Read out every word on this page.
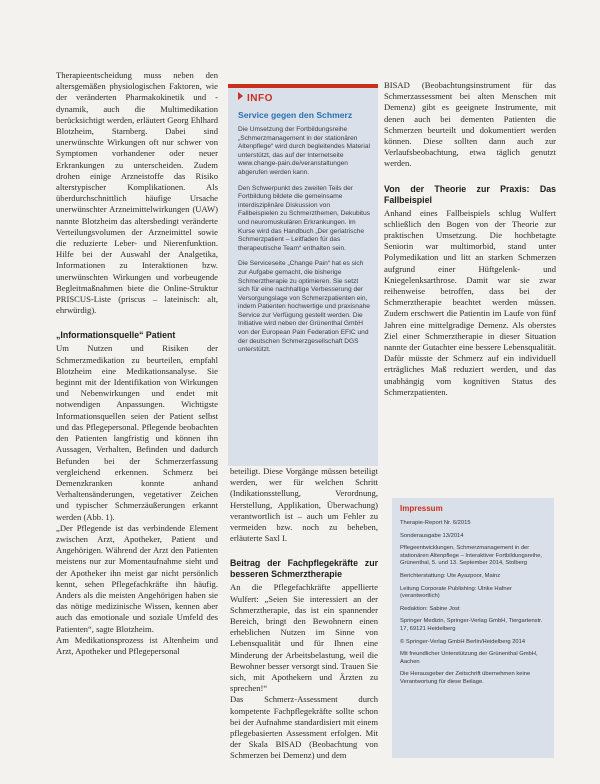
Therapieentscheidung muss neben den altersgemäßen physiologischen Faktoren, wie der veränderten Pharmakokinetik und -dynamik, auch die Multimedikation berücksichtigt werden, erläutert Georg Ehlhard Blotzheim, Starnberg. Dabei sind unerwünschte Wirkungen oft nur schwer von Symptomen vorhandener oder neuer Erkrankungen zu unterscheiden. Zudem drohen einige Arzneistoffe das Risiko alterstypischer Komplikationen. Als überdurchschnittlich häufige Ursache unerwünschter Arzneimittelwirkungen (UAW) nannte Blotzheim das altersbedingt veränderte Verteilungsvolumen der Arzneimittel sowie die reduzierte Leber- und Nierenfunktion. Hilfe bei der Auswahl der Analgetika, Informationen zu Interaktionen bzw. unerwünschten Wirkungen und vorbeugende Begleitmaßnahmen biete die Online-Struktur PRISCUS-Liste (priscus – lateinisch: alt, ehrwürdig).

„Informationsquelle“ Patient

Um Nutzen und Risiken der Schmerzmedikation zu beurteilen, empfahl Blotzheim eine Medikationsanalyse. Sie beginnt mit der Identifikation von Wirkungen und Nebenwirkungen und endet mit notwendigen Anpassungen. Wichtigste Informationsquellen seien der Patient selbst und das Pflegepersonal. Pflegende beobachten den Patienten langfristig und können ihn Aussagen, Verhalten, Befinden und dadurch Befunden bei der Schmerzerfassung vergleichend erkennen. Schmerz bei Demenzkranken konnte anhand Verhaltensänderungen, vegetativer Zeichen und typischer Schmerzäußerungen erkannt werden (Abb. 1).

„Der Pflegende ist das verbindende Element zwischen Arzt, Apotheker, Patient und Angehörigen. Während der Arzt den Patienten meistens nur zur Momentaufnahme sieht und der Apotheker ihn meist gar nicht persönlich kennt, sehen Pflegefachkräfte ihn häufig. Anders als die meisten Angehörigen haben sie das nötige medizinische Wissen, kennen aber auch das emotionale und soziale Umfeld des Patienten“, sagte Blotzheim.

Am Medikationsprozess ist Altenheim und Arzt, Apotheker und Pflegepersonal

INFO
Service gegen den Schmerz

Die Umsetzung der Fortbildungsreihe „Schmerzmanagement in der stationären Altenpflege“ wird durch begleitendes Material unterstützt, das auf der Internetseite www.change-pain.de/veranstaltungen abgerufen werden kann.

Den Schwerpunkt des zweiten Teils der Fortbildung bildete die gemeinsame interdisziplinäre Diskussion von Fallbeispielen zu Schmerzthemen, Dekubitus und neuromuskulären Erkrankungen. Im Kurse wird das Handbuch „Der geriatrische Schmerzpatient – Leitfaden für das therapeutische Team“ enthalten sein.

Die Serviceseite „Change Pain“ hat es sich zur Aufgabe gemacht, die bisherige Schmerztherapie zu optimieren. Sie setzt sich für eine nachhaltige Verbesserung der Versorgungslage von Schmerzpatienten ein, indem Patienten hochwertige und praxisnahe Service zur Verfügung gestellt werden. Die Initiative wird neben der Grünenthal GmbH von der European Pain Federation EFIC und der deutschen Schmerzgesellschaft DGS unterstützt.

beteiligt. Diese Vorgänge müssen beteiligt werden, wer für welchen Schritt (Indikationsstellung, Verordnung, Herstellung, Applikation, Überwachung) verantwortlich ist – auch um Fehler zu vermeiden bzw. noch zu beheben, erläuterte Saxl I.

Beitrag der Fachpflegekräfte zur besseren Schmerztherapie

An die Pflegefachkräfte appellierte Wulfert: „Seien Sie interessiert an der Schmerztherapie, das ist ein spannender Bereich, bringt den Bewohnern einen erheblichen Nutzen im Sinne von Lebensqualität und für Ihnen eine Minderung der Arbeitsbelastung, weil die Bewohner besser versorgt sind. Trauen Sie sich, mit Apothekern und Ärzten zu sprechen!“

Das Schmerz-Assessment durch kompetente Fachpflegekräfte sollte schon bei der Aufnahme standardisiert mit einem pflegebasierten Assessment erfolgen. Mit der Skala BISAD (Beobachtung von Schmerzen bei Demenz) und dem

BISAD (Beobachtungsinstrument für das Schmerzassessment bei alten Menschen mit Demenz) gibt es geeignete Instrumente, mit denen auch bei dementen Patienten die Schmerzen beurteilt und dokumentiert werden können. Diese sollten dann auch zur Verlaufsbeobachtung, etwa täglich genutzt werden.

Von der Theorie zur Praxis: Das Fallbeispiel

Anhand eines Fallbeispiels schlug Wulfert schließlich den Bogen von der Theorie zur praktischen Umsetzung. Die hochbetagte Seniorin war multimorbid, stand unter Polymedikation und litt an starken Schmerzen aufgrund einer Hüftgelenk- und Kniegelenksarthrose. Damit war sie zwar reihenweise betroffen, dass bei der Schmerztherapie beachtet werden müssen. Zudem erschwert die Patientin im Laufe von fünf Jahren eine mittelgradige Demenz. Als oberstes Ziel einer Schmerztherapie in dieser Situation nannte der Gutachter eine bessere Lebensqualität. Dafür müsste der Schmerz auf ein individuell erträgliches Maß reduziert werden, und das unabhängig vom kognitiven Status des Schmerzpatienten.

Impressum

Therapie-Report Nr. 6/2015

Sonderausgabe 13/2014

Pflegeentwicklungen, Schmerzmanagement in der stationären Altenpflege – Interaktiver Fortbildungsreihe, Grünenthal, 5. und 13. September 2014, Stolberg

Berichterstattung: Ute Ayazpoor, Mainz

Leitung Corporate Publishing: Ulrike Hafner (verantwortlich)

Redaktion: Sabine Jost

Springer Medizin, Springer-Verlag GmbH, Tiergartenstr. 17, 69121 Heidelberg

© Springer-Verlag GmbH Berlin/Heidelberg 2014

Mit freundlicher Unterstützung der Grünenthal GmbH, Aachen

Die Herausgeber der Zeitschrift übernehmen keine Verantwortung für diese Beilage.
